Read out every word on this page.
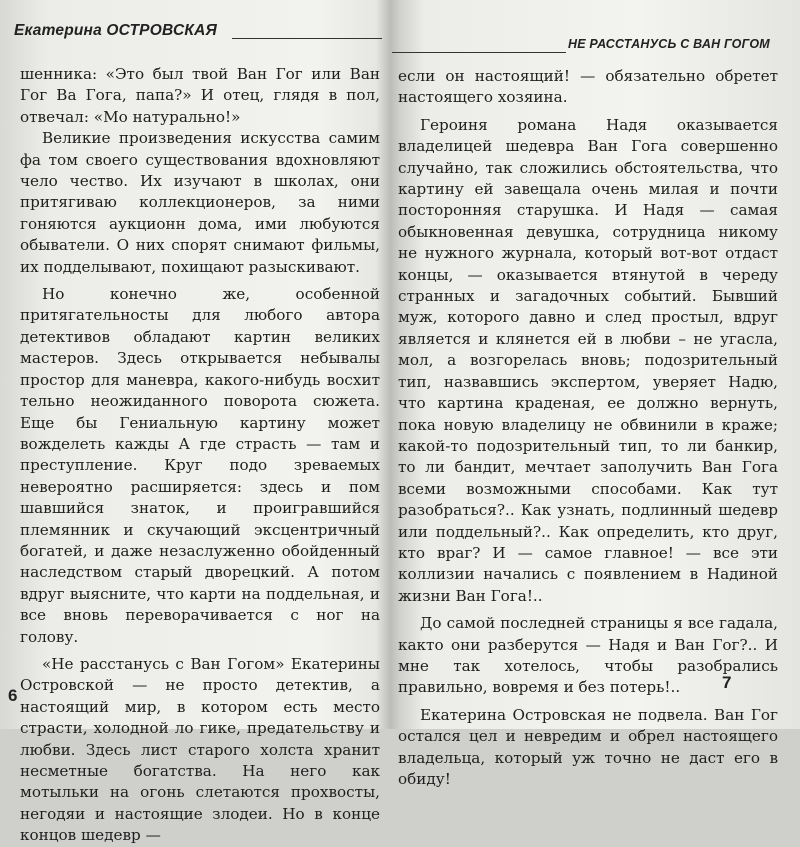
Екатерина ОСТРОВСКАЯ

шенника: «Это был твой Ван Гог или Ван Гог Ва Гога, папа?» И отец, глядя в пол, отвечал: «Мо натурально!»

Великие произведения искусства самим фа том своего существования вдохновляют чело чество. Их изучают в школах, они притягиваю коллекционеров, за ними гоняются аукционн дома, ими любуются обыватели. О них спорят снимают фильмы, их подделывают, похищают разыскивают.

Но конечно же, особенной притягательносты для любого автора детективов обладают картин великих мастеров. Здесь открывается небывалы простор для маневра, какого-нибудь восхит тельно неожиданного поворота сюжета. Еще бы Гениальную картину может вожделеть кажды А где страсть — там и преступление. Круг подо зреваемых невероятно расширяется: здесь и пом шавшийся знаток, и проигравшийся племянник и скучающий эксцентричный богатей, и даже незаслуженно обойденный наследством старый дворецкий. А потом вдруг выясните, что карти на поддельная, и все вновь переворачивается с ног на голову.

«Не расстанусь с Ван Гогом» Екатерины Островской — не просто детектив, а настоящий мир, в котором есть место страсти, холодной ло гике, предательству и любви. Здесь лист старого холста хранит несметные богатства. На него как мотыльки на огонь слетаются прохвосты, негодяи и настоящие злодеи. Но в конце концов шедевр —

6
НЕ РАССТАНУСЬ С ВАН ГОГОМ

если он настоящий! — обязательно обретет настоящего хозяина.

Героиня романа Надя оказывается владелицей шедевра Ван Гога совершенно случайно, так сложились обстоятельства, что картину ей завещала очень милая и почти посторонняя старушка. И Надя — самая обыкновенная девушка, сотрудница никому не нужного журнала, который вот-вот отдаст концы, — оказывается втянутой в череду странных и загадочных событий. Бывший муж, которого давно и след простыл, вдруг является и клянется ей в любви – не угасла, мол, а возгорелась вновь; подозрительный тип, назвавшись экспертом, уверяет Надю, что картина краденая, ее должно вернуть, пока новую владелицу не обвинили в краже; какой-то подозрительный тип, то ли банкир, то ли бандит, мечтает заполучить Ван Гога всеми возможными способами. Как тут разобраться?.. Как узнать, подлинный шедевр или поддельный?.. Как определить, кто друг, кто враг? И — самое главное! — все эти коллизии начались с появлением в Надиной жизни Ван Гога!..

До самой последней страницы я все гадала, както они разберутся — Надя и Ван Гог?.. И мне так хотелось, чтобы разобрались правильно, вовремя и без потерь!..

Екатерина Островская не подвела. Ван Гог остался цел и невредим и обрел настоящего владельца, который уж точно не даст его в обиду!

7
